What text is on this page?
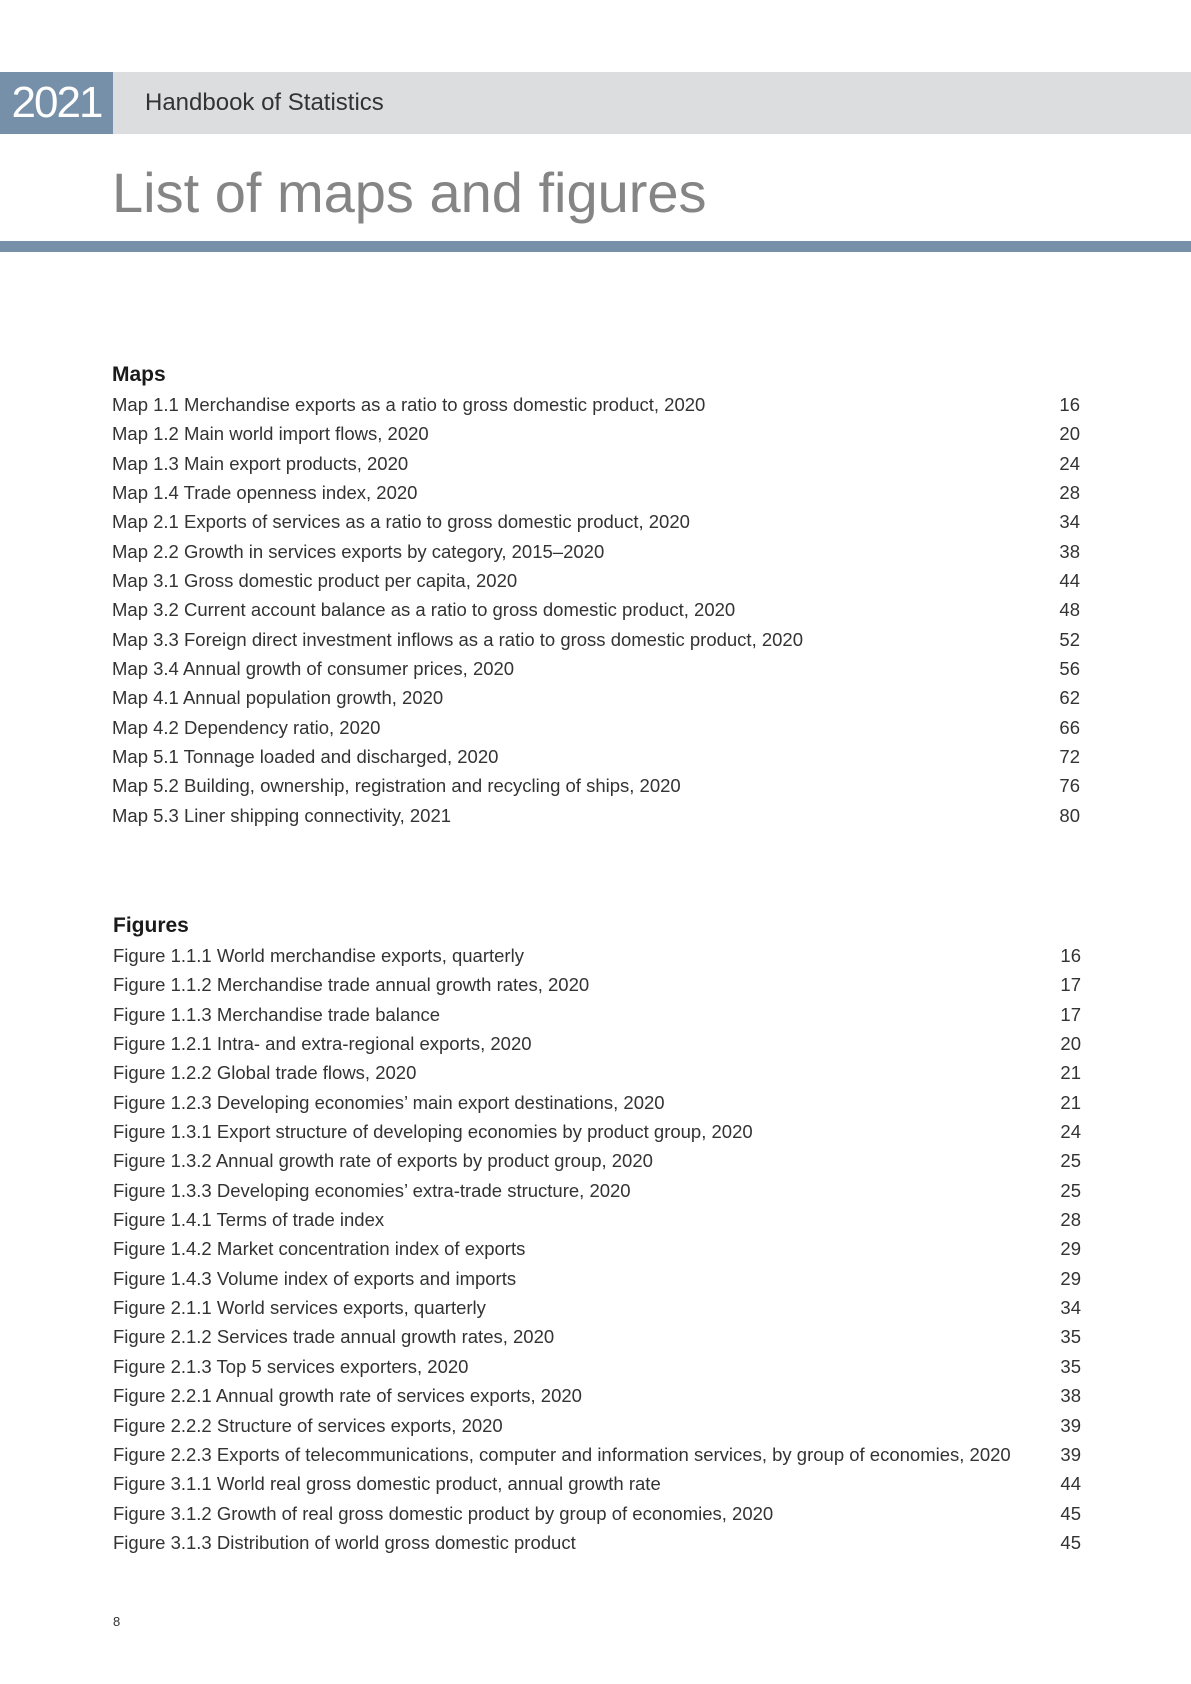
2021	Handbook of Statistics
List of maps and figures
Maps
Map 1.1 Merchandise exports as a ratio to gross domestic product, 2020	16
Map 1.2 Main world import flows, 2020	20
Map 1.3 Main export products, 2020	24
Map 1.4 Trade openness index, 2020	28
Map 2.1 Exports of services as a ratio to gross domestic product, 2020	34
Map 2.2 Growth in services exports by category, 2015–2020	38
Map 3.1 Gross domestic product per capita, 2020	44
Map 3.2 Current account balance as a ratio to gross domestic product, 2020	48
Map 3.3 Foreign direct investment inflows as a ratio to gross domestic product, 2020	52
Map 3.4 Annual growth of consumer prices, 2020	56
Map 4.1 Annual population growth, 2020	62
Map 4.2 Dependency ratio, 2020	66
Map 5.1 Tonnage loaded and discharged, 2020	72
Map 5.2 Building, ownership, registration and recycling of ships, 2020	76
Map 5.3 Liner shipping connectivity, 2021	80
Figures
Figure 1.1.1 World merchandise exports, quarterly	16
Figure 1.1.2 Merchandise trade annual growth rates, 2020	17
Figure 1.1.3 Merchandise trade balance	17
Figure 1.2.1 Intra- and extra-regional exports, 2020	20
Figure 1.2.2 Global trade flows, 2020	21
Figure 1.2.3 Developing economies’ main export destinations, 2020	21
Figure 1.3.1 Export structure of developing economies by product group, 2020	24
Figure 1.3.2 Annual growth rate of exports by product group, 2020	25
Figure 1.3.3 Developing economies’ extra-trade structure, 2020	25
Figure 1.4.1 Terms of trade index	28
Figure 1.4.2 Market concentration index of exports	29
Figure 1.4.3 Volume index of exports and imports	29
Figure 2.1.1 World services exports, quarterly	34
Figure 2.1.2 Services trade annual growth rates, 2020	35
Figure 2.1.3 Top 5 services exporters, 2020	35
Figure 2.2.1 Annual growth rate of services exports, 2020	38
Figure 2.2.2 Structure of services exports, 2020	39
Figure 2.2.3 Exports of telecommunications, computer and information services, by group of economies, 2020	39
Figure 3.1.1 World real gross domestic product, annual growth rate	44
Figure 3.1.2 Growth of real gross domestic product by group of economies, 2020	45
Figure 3.1.3 Distribution of world gross domestic product	45
8
